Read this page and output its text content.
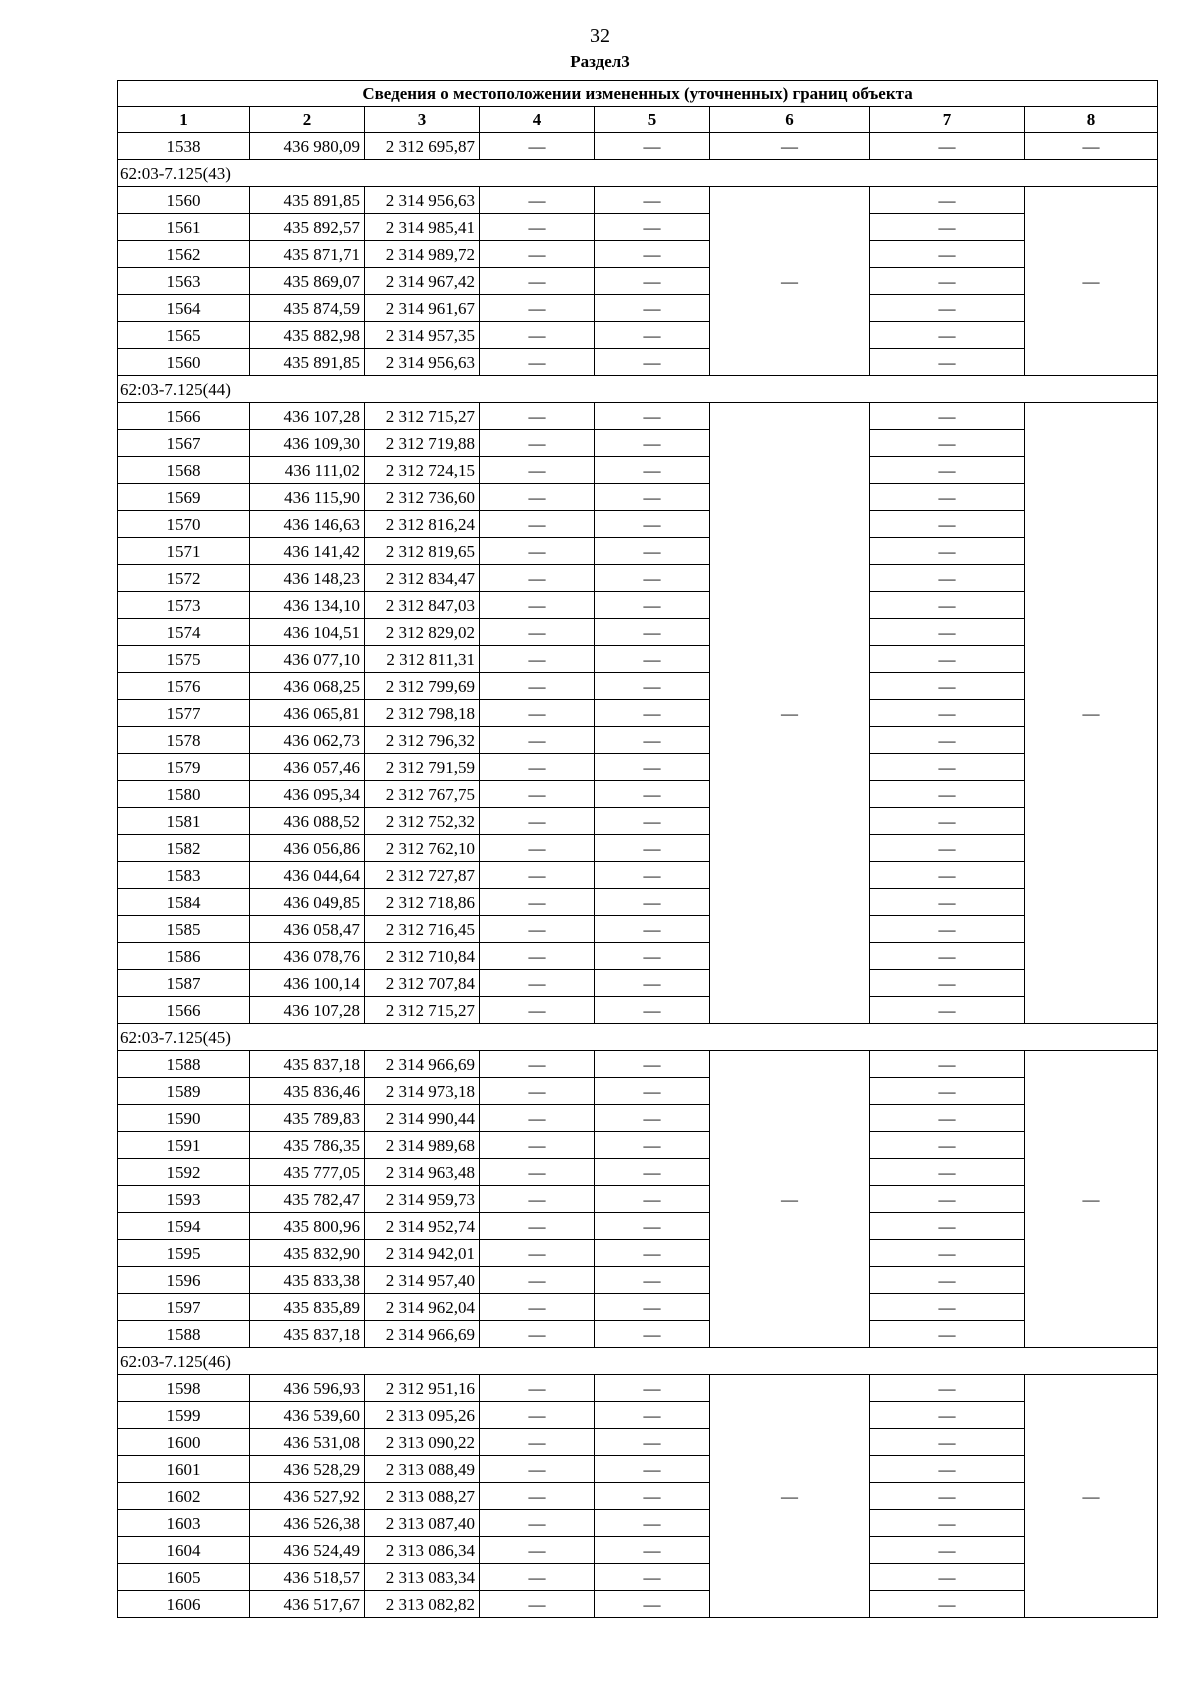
32
Раздел3
Сведения о местоположении измененных (уточненных) границ объекта							
1	2	3	4	5	6	7	8
1538	436 980,09	2 312 695,87	—	—	—	—	—
62:03-7.125(43)							
1560	435 891,85	2 314 956,63	—	—	—	—	—
1561	435 892,57	2 314 985,41	—	—		—	
1562	435 871,71	2 314 989,72	—	—		—	
1563	435 869,07	2 314 967,42	—	—		—	
1564	435 874,59	2 314 961,67	—	—		—	
1565	435 882,98	2 314 957,35	—	—		—	
1560	435 891,85	2 314 956,63	—	—		—	
62:03-7.125(44)							
1566	436 107,28	2 312 715,27	—	—	—	—	—
1567	436 109,30	2 312 719,88	—	—		—	
1568	436 111,02	2 312 724,15	—	—		—	
1569	436 115,90	2 312 736,60	—	—		—	
1570	436 146,63	2 312 816,24	—	—		—	
1571	436 141,42	2 312 819,65	—	—		—	
1572	436 148,23	2 312 834,47	—	—		—	
1573	436 134,10	2 312 847,03	—	—		—	
1574	436 104,51	2 312 829,02	—	—		—	
1575	436 077,10	2 312 811,31	—	—		—	
1576	436 068,25	2 312 799,69	—	—		—	
1577	436 065,81	2 312 798,18	—	—		—	
1578	436 062,73	2 312 796,32	—	—		—	
1579	436 057,46	2 312 791,59	—	—		—	
1580	436 095,34	2 312 767,75	—	—		—	
1581	436 088,52	2 312 752,32	—	—		—	
1582	436 056,86	2 312 762,10	—	—		—	
1583	436 044,64	2 312 727,87	—	—		—	
1584	436 049,85	2 312 718,86	—	—		—	
1585	436 058,47	2 312 716,45	—	—		—	
1586	436 078,76	2 312 710,84	—	—		—	
1587	436 100,14	2 312 707,84	—	—		—	
1566	436 107,28	2 312 715,27	—	—		—	
62:03-7.125(45)							
1588	435 837,18	2 314 966,69	—	—	—	—	—
1589	435 836,46	2 314 973,18	—	—		—	
1590	435 789,83	2 314 990,44	—	—		—	
1591	435 786,35	2 314 989,68	—	—		—	
1592	435 777,05	2 314 963,48	—	—		—	
1593	435 782,47	2 314 959,73	—	—		—	
1594	435 800,96	2 314 952,74	—	—		—	
1595	435 832,90	2 314 942,01	—	—		—	
1596	435 833,38	2 314 957,40	—	—		—	
1597	435 835,89	2 314 962,04	—	—		—	
1588	435 837,18	2 314 966,69	—	—		—	
62:03-7.125(46)							
1598	436 596,93	2 312 951,16	—	—	—	—	—
1599	436 539,60	2 313 095,26	—	—		—	
1600	436 531,08	2 313 090,22	—	—		—	
1601	436 528,29	2 313 088,49	—	—		—	
1602	436 527,92	2 313 088,27	—	—		—	
1603	436 526,38	2 313 087,40	—	—		—	
1604	436 524,49	2 313 086,34	—	—		—	
1605	436 518,57	2 313 083,34	—	—		—	
1606	436 517,67	2 313 082,82	—	—		—	
